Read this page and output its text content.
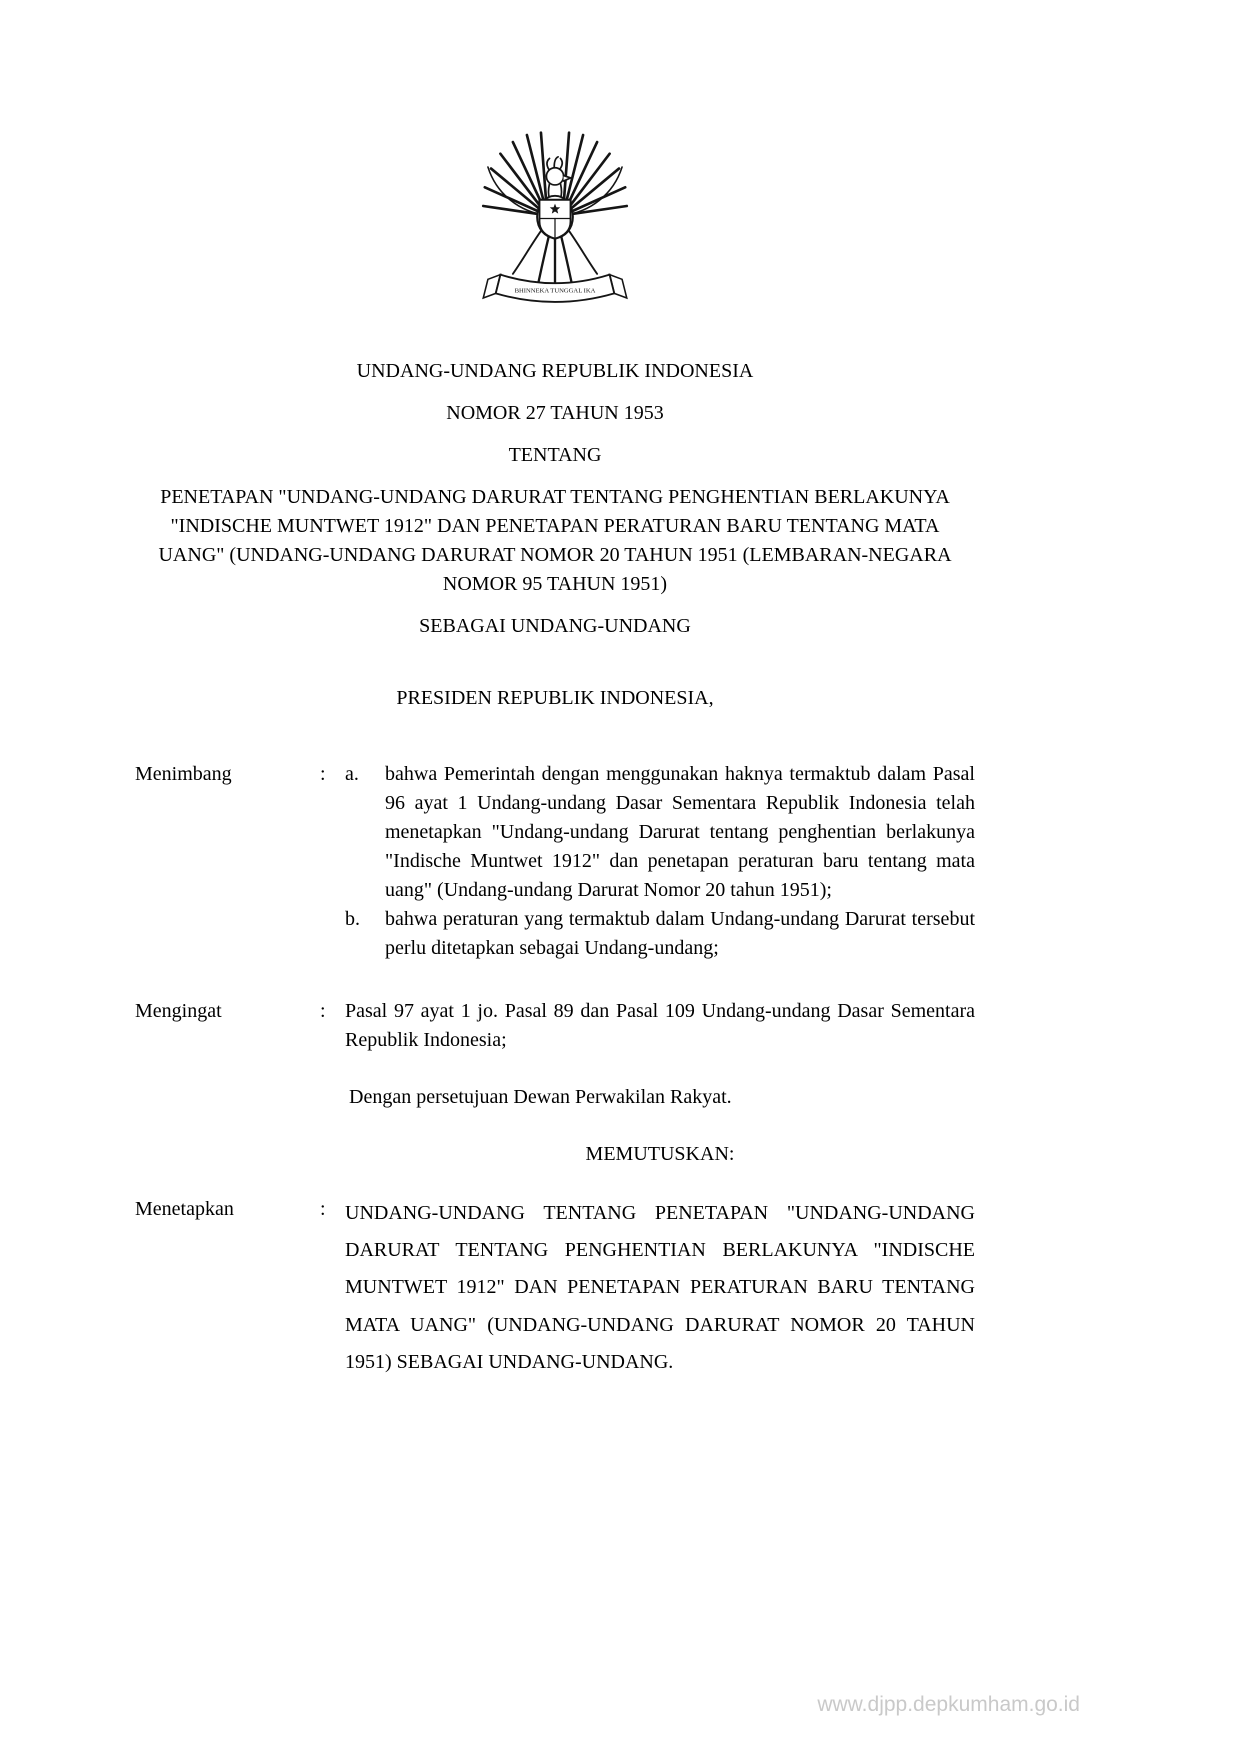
BHINNEKA TUNGGAL IKA
UNDANG-UNDANG REPUBLIK INDONESIA
NOMOR 27 TAHUN 1953
TENTANG
PENETAPAN "UNDANG-UNDANG DARURAT TENTANG PENGHENTIAN BERLAKUNYA "INDISCHE MUNTWET 1912" DAN PENETAPAN PERATURAN BARU TENTANG MATA UANG" (UNDANG-UNDANG DARURAT NOMOR 20 TAHUN 1951 (LEMBARAN-NEGARA NOMOR 95 TAHUN 1951)
SEBAGAI UNDANG-UNDANG
PRESIDEN REPUBLIK INDONESIA,
Menimbang	: a.	bahwa Pemerintah dengan menggunakan haknya termaktub dalam Pasal 96 ayat 1 Undang-undang Dasar Sementara Republik Indonesia telah menetapkan "Undang-undang Darurat tentang penghentian berlakunya "Indische Muntwet 1912" dan penetapan peraturan baru tentang mata uang" (Undang-undang Darurat Nomor 20 tahun 1951);
b.	bahwa peraturan yang termaktub dalam Undang-undang Darurat tersebut perlu ditetapkan sebagai Undang-undang;
Mengingat	: Pasal 97 ayat 1 jo. Pasal 89 dan Pasal 109 Undang-undang Dasar Sementara Republik Indonesia;
Dengan persetujuan Dewan Perwakilan Rakyat.
MEMUTUSKAN:
Menetapkan	: UNDANG-UNDANG TENTANG PENETAPAN "UNDANG-UNDANG DARURAT TENTANG PENGHENTIAN BERLAKUNYA "INDISCHE MUNTWET 1912" DAN PENETAPAN PERATURAN BARU TENTANG MATA UANG" (UNDANG-UNDANG DARURAT NOMOR 20 TAHUN 1951) SEBAGAI UNDANG-UNDANG.
www.djpp.depkumham.go.id
